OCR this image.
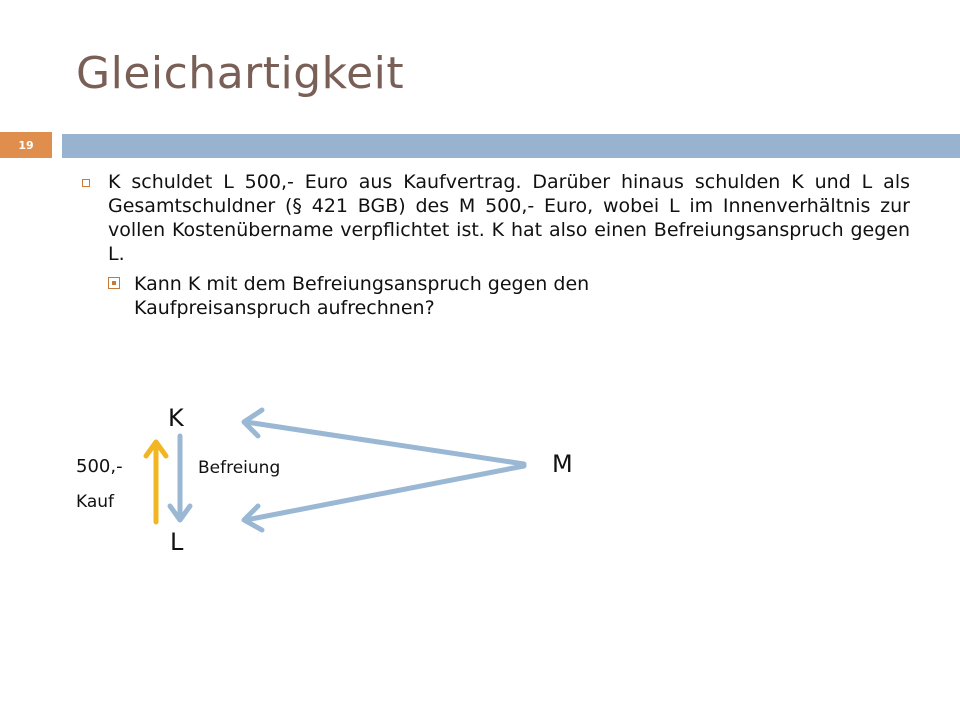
Gleichartigkeit
19
K schuldet L 500,- Euro aus Kaufvertrag. Darüber hinaus schulden K und L als Gesamtschuldner (§ 421 BGB) des M 500,- Euro, wobei L im Innenverhältnis zur vollen Kostenübername verpflichtet ist. K hat also einen Befreiungsanspruch gegen L.
Kann K mit dem Befreiungsanspruch gegen den Kaufpreisanspruch aufrechnen?
K
L
M
500,-
Kauf
Befreiung
